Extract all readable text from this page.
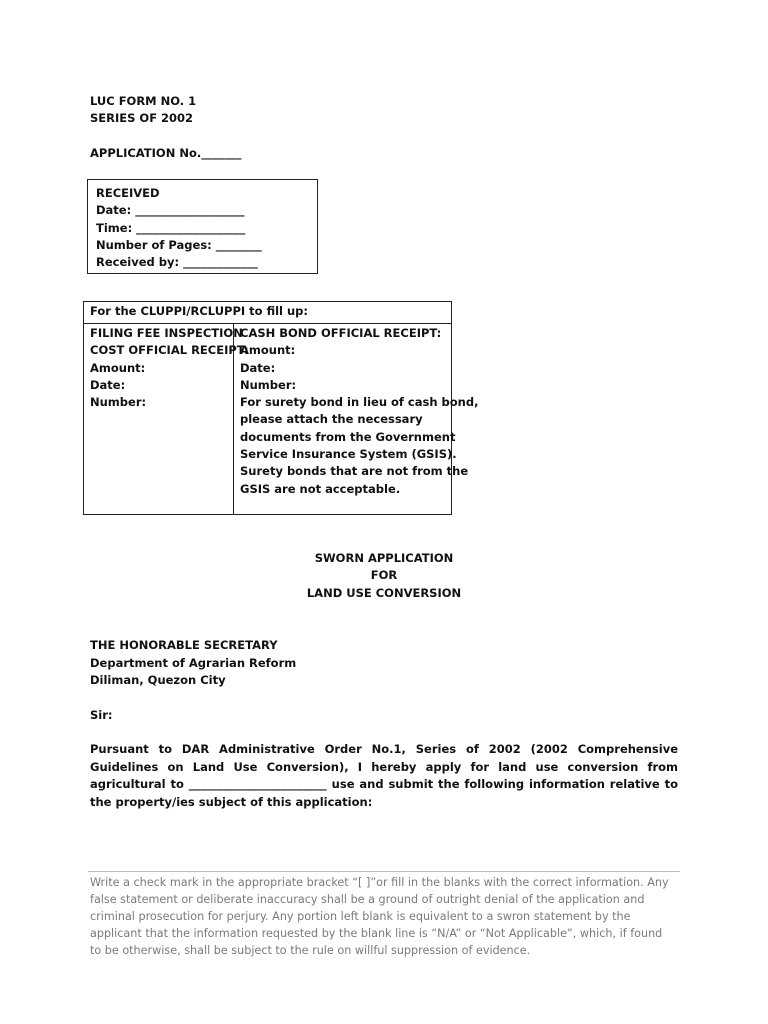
LUC FORM NO. 1
SERIES OF 2002
APPLICATION No._______
RECEIVED
Date: ___________________
Time: ___________________
Number of Pages: ________
Received by: _____________
For the CLUPPI/RCLUPPI to fill up:
FILING FEE INSPECTION
COST OFFICIAL RECEIPT:
Amount:
Date:
Number:
CASH BOND OFFICIAL RECEIPT:
Amount:
Date:
Number:
For surety bond in lieu of cash bond,
please attach the necessary
documents from the Government
Service Insurance System (GSIS).
Surety bonds that are not from the
GSIS are not acceptable.
SWORN APPLICATION
FOR
LAND USE CONVERSION
THE HONORABLE SECRETARY
Department of Agrarian Reform
Diliman, Quezon City
Sir:
Pursuant to DAR Administrative Order No.1, Series of 2002 (2002 Comprehensive Guidelines on Land Use Conversion), I hereby apply for land use conversion from agricultural to ________________________ use and submit the following information relative to the property/ies subject of this application:
Write a check mark in the appropriate bracket “[ ]”or fill in the blanks with the correct information. Any
false statement or deliberate inaccuracy shall be a ground of outright denial of the application and
criminal prosecution for perjury. Any portion left blank is equivalent to a swron statement by the
applicant that the information requested by the blank line is “N/A” or “Not Applicable”, which, if found
to be otherwise, shall be subject to the rule on willful suppression of evidence.
